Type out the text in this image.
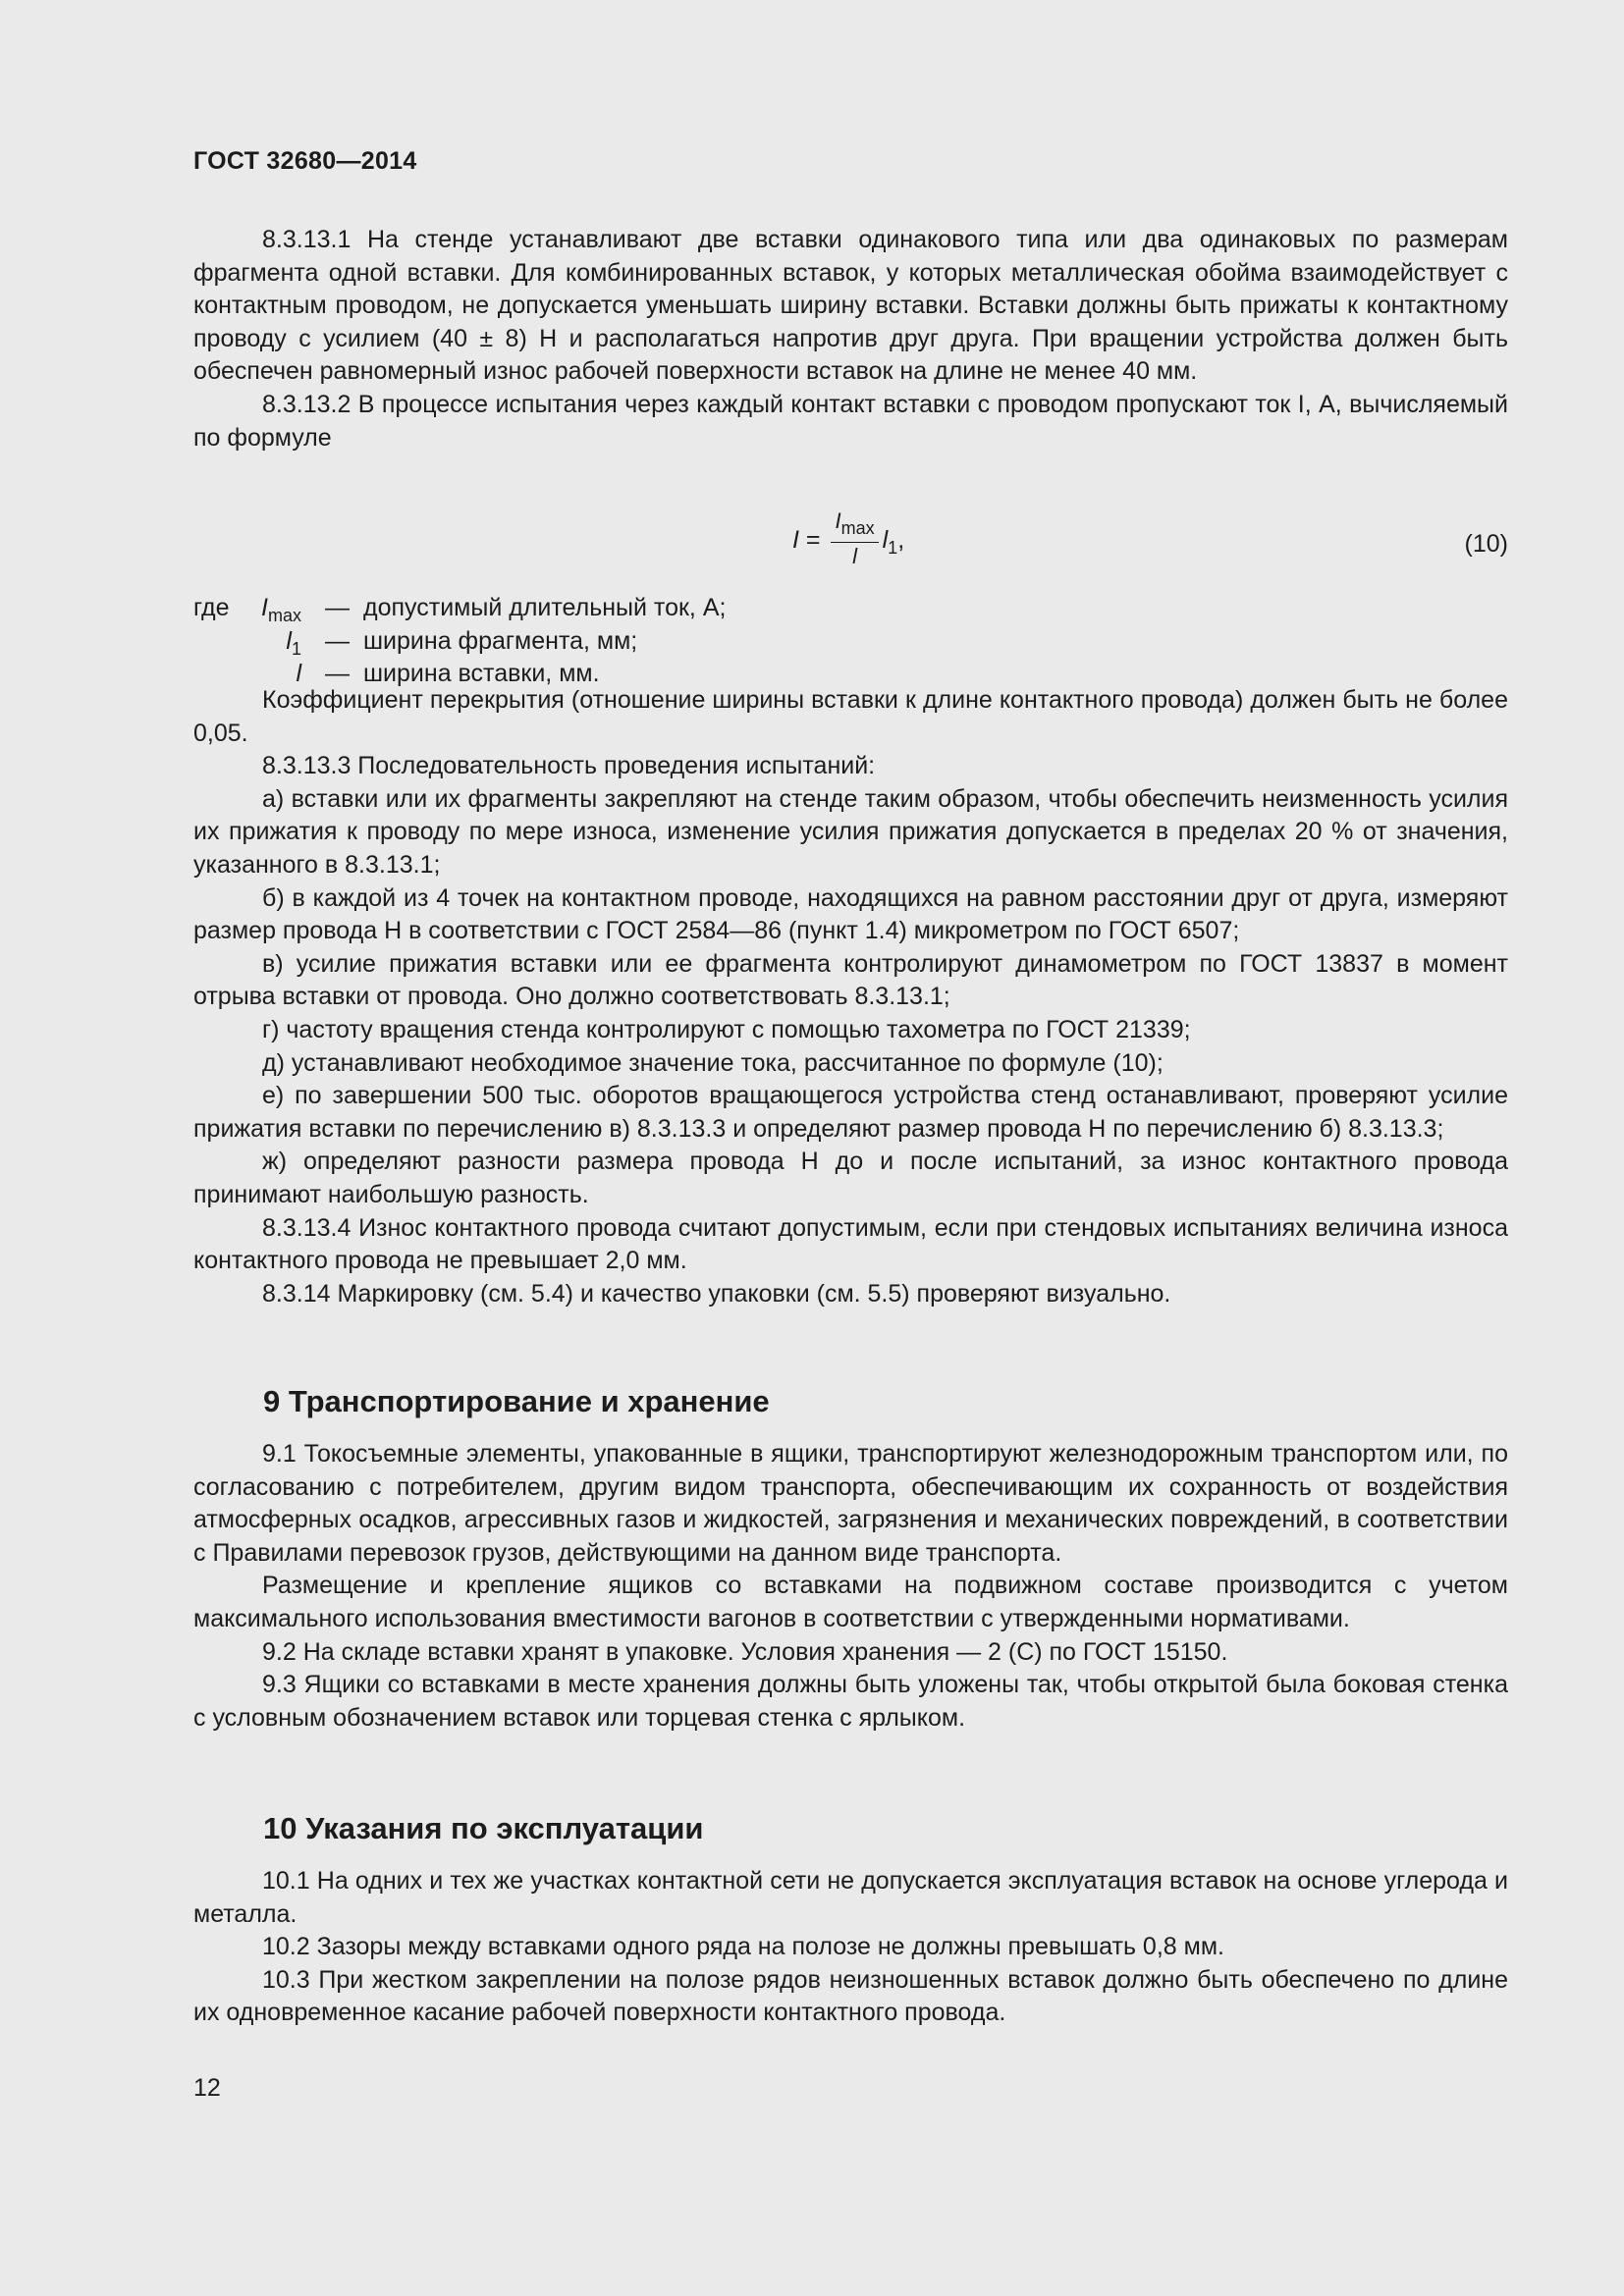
ГОСТ 32680—2014

8.3.13.1 На стенде устанавливают две вставки одинакового типа или два одинаковых по размерам фрагмента одной вставки. Для комбинированных вставок, у которых металлическая обойма взаимодействует с контактным проводом, не допускается уменьшать ширину вставки. Вставки должны быть прижаты к контактному проводу с усилием (40 ± 8) Н и располагаться напротив друг друга. При вращении устройства должен быть обеспечен равномерный износ рабочей поверхности вставок на длине не менее 40 мм.

8.3.13.2 В процессе испытания через каждый контакт вставки с проводом пропускают ток I, А, вычисляемый по формуле

$I = \frac{I_{max}}{l} l_1$,	(10)
где	$I_{max}$ — допустимый длительный ток, А;
$l_1$ — ширина фрагмента, мм;
l — ширина вставки, мм.

Коэффициент перекрытия (отношение ширины вставки к длине контактного провода) должен быть не более 0,05.

8.3.13.3 Последовательность проведения испытаний:

а) вставки или их фрагменты закрепляют на стенде таким образом, чтобы обеспечить неизменность усилия их прижатия к проводу по мере износа, изменение усилия прижатия допускается в пределах 20 % от значения, указанного в 8.3.13.1;

б) в каждой из 4 точек на контактном проводе, находящихся на равном расстоянии друг от друга, измеряют размер провода Н в соответствии с ГОСТ 2584—86 (пункт 1.4) микрометром по ГОСТ 6507;

в) усилие прижатия вставки или ее фрагмента контролируют динамометром по ГОСТ 13837 в момент отрыва вставки от провода. Оно должно соответствовать 8.3.13.1;

г) частоту вращения стенда контролируют с помощью тахометра по ГОСТ 21339;

д) устанавливают необходимое значение тока, рассчитанное по формуле (10);

е) по завершении 500 тыс. оборотов вращающегося устройства стенд останавливают, проверяют усилие прижатия вставки по перечислению в) 8.3.13.3 и определяют размер провода Н по перечислению б) 8.3.13.3;

ж) определяют разности размера провода Н до и после испытаний, за износ контактного провода принимают наибольшую разность.

8.3.13.4 Износ контактного провода считают допустимым, если при стендовых испытаниях величина износа контактного провода не превышает 2,0 мм.

8.3.14 Маркировку (см. 5.4) и качество упаковки (см. 5.5) проверяют визуально.

9 Транспортирование и хранение

9.1 Токосъемные элементы, упакованные в ящики, транспортируют железнодорожным транспортом или, по согласованию с потребителем, другим видом транспорта, обеспечивающим их сохранность от воздействия атмосферных осадков, агрессивных газов и жидкостей, загрязнения и механических повреждений, в соответствии с Правилами перевозок грузов, действующими на данном виде транспорта.

Размещение и крепление ящиков со вставками на подвижном составе производится с учетом максимального использования вместимости вагонов в соответствии с утвержденными нормативами.

9.2 На складе вставки хранят в упаковке. Условия хранения — 2 (С) по ГОСТ 15150.

9.3 Ящики со вставками в месте хранения должны быть уложены так, чтобы открытой была боковая стенка с условным обозначением вставок или торцевая стенка с ярлыком.

10 Указания по эксплуатации

10.1 На одних и тех же участках контактной сети не допускается эксплуатация вставок на основе углерода и металла.

10.2 Зазоры между вставками одного ряда на полозе не должны превышать 0,8 мм.

10.3 При жестком закреплении на полозе рядов неизношенных вставок должно быть обеспечено по длине их одновременное касание рабочей поверхности контактного провода.

12
